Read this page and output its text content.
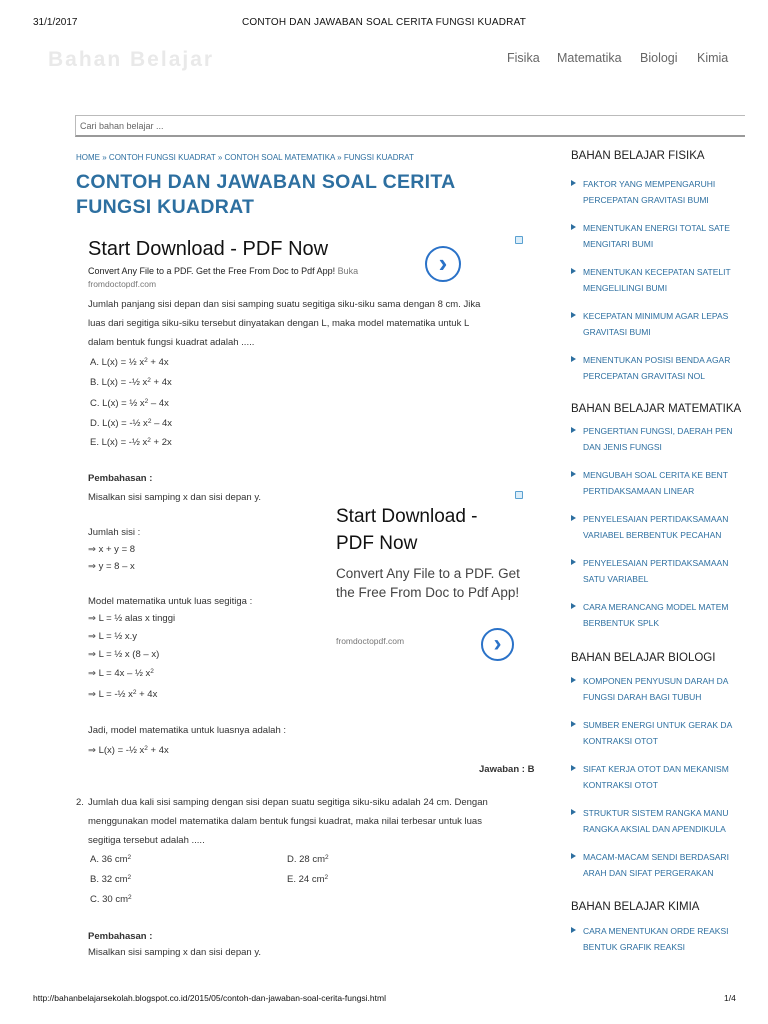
31/1/2017	CONTOH DAN JAWABAN SOAL CERITA FUNGSI KUADRAT
Bahan Belajar	Fisika Matematika Biologi Kimia
Cari bahan belajar ...
HOME » CONTOH FUNGSI KUADRAT » CONTOH SOAL MATEMATIKA » FUNGSI KUADRAT
CONTOH DAN JAWABAN SOAL CERITA FUNGSI KUADRAT
Start Download - PDF Now
Convert Any File to a PDF. Get the Free From Doc to Pdf App! Buka
fromdoctopdf.com
›
Jumlah panjang sisi depan dan sisi samping suatu segitiga siku-siku sama dengan 8 cm. Jika
luas dari segitiga siku-siku tersebut dinyatakan dengan L, maka model matematika untuk L
dalam bentuk fungsi kuadrat adalah .....
A. L(x) = ½ $x^2 + 4x$
B. L(x) = -½ $x^2 + 4x$
C. L(x) = ½ $x^2 - 4x$
D. L(x) = -½ $x^2 - 4x$
E. L(x) = -½ $x^2 + 2x$
Pembahasan :
Misalkan sisi samping x dan sisi depan y.
Jumlah sisi :
⇒ x + y = 8
⇒ y = 8 – x
Model matematika untuk luas segitiga :
⇒ L = ½ alas x tinggi
⇒ L = ½ x.y
⇒ L = ½ x (8 – x)
⇒ L = 4x – ½ $x^2$
⇒ L = -½ $x^2 + 4x$
Jadi, model matematika untuk luasnya adalah :
⇒ L(x) = -½ $x^2 + 4x$
Jawaban : B
Start Download - PDF Now
Convert Any File to a PDF. Get the Free From Doc to Pdf App!
fromdoctopdf.com	›
2. Jumlah dua kali sisi samping dengan sisi depan suatu segitiga siku-siku adalah 24 cm. Dengan
menggunakan model matematika dalam bentuk fungsi kuadrat, maka nilai terbesar untuk luas
segitiga tersebut adalah .....
A. 36 $cm^2$
B. 32 $cm^2$
C. 30 $cm^2$
D. 28 $cm^2$
E. 24 $cm^2$
Pembahasan :
Misalkan sisi samping x dan sisi depan y.
BAHAN BELAJAR FISIKA
FAKTOR YANG MEMPENGARUHI
PERCEPATAN GRAVITASI BUMI
MENENTUKAN ENERGI TOTAL SATE
MENGITARI BUMI
MENENTUKAN KECEPATAN SATELIT
MENGELILINGI BUMI
KECEPATAN MINIMUM AGAR LEPAS
GRAVITASI BUMI
MENENTUKAN POSISI BENDA AGAR
PERCEPATAN GRAVITASI NOL
BAHAN BELAJAR MATEMATIKA
PENGERTIAN FUNGSI, DAERAH PEN
DAN JENIS FUNGSI
MENGUBAH SOAL CERITA KE BENT
PERTIDAKSAMAAN LINEAR
PENYELESAIAN PERTIDAKSAMAAN
VARIABEL BERBENTUK PECAHAN
PENYELESAIAN PERTIDAKSAMAAN
SATU VARIABEL
CARA MERANCANG MODEL MATEM
BERBENTUK SPLK
BAHAN BELAJAR BIOLOGI
KOMPONEN PENYUSUN DARAH DA
FUNGSI DARAH BAGI TUBUH
SUMBER ENERGI UNTUK GERAK DA
KONTRAKSI OTOT
SIFAT KERJA OTOT DAN MEKANISM
KONTRAKSI OTOT
STRUKTUR SISTEM RANGKA MANU
RANGKA AKSIAL DAN APENDIKULA
MACAM-MACAM SENDI BERDASARI
ARAH DAN SIFAT PERGERAKAN
BAHAN BELAJAR KIMIA
CARA MENENTUKAN ORDE REAKSI
BENTUK GRAFIK REAKSI
http://bahanbelajarsekolah.blogspot.co.id/2015/05/contoh-dan-jawaban-soal-cerita-fungsi.html	1/4
